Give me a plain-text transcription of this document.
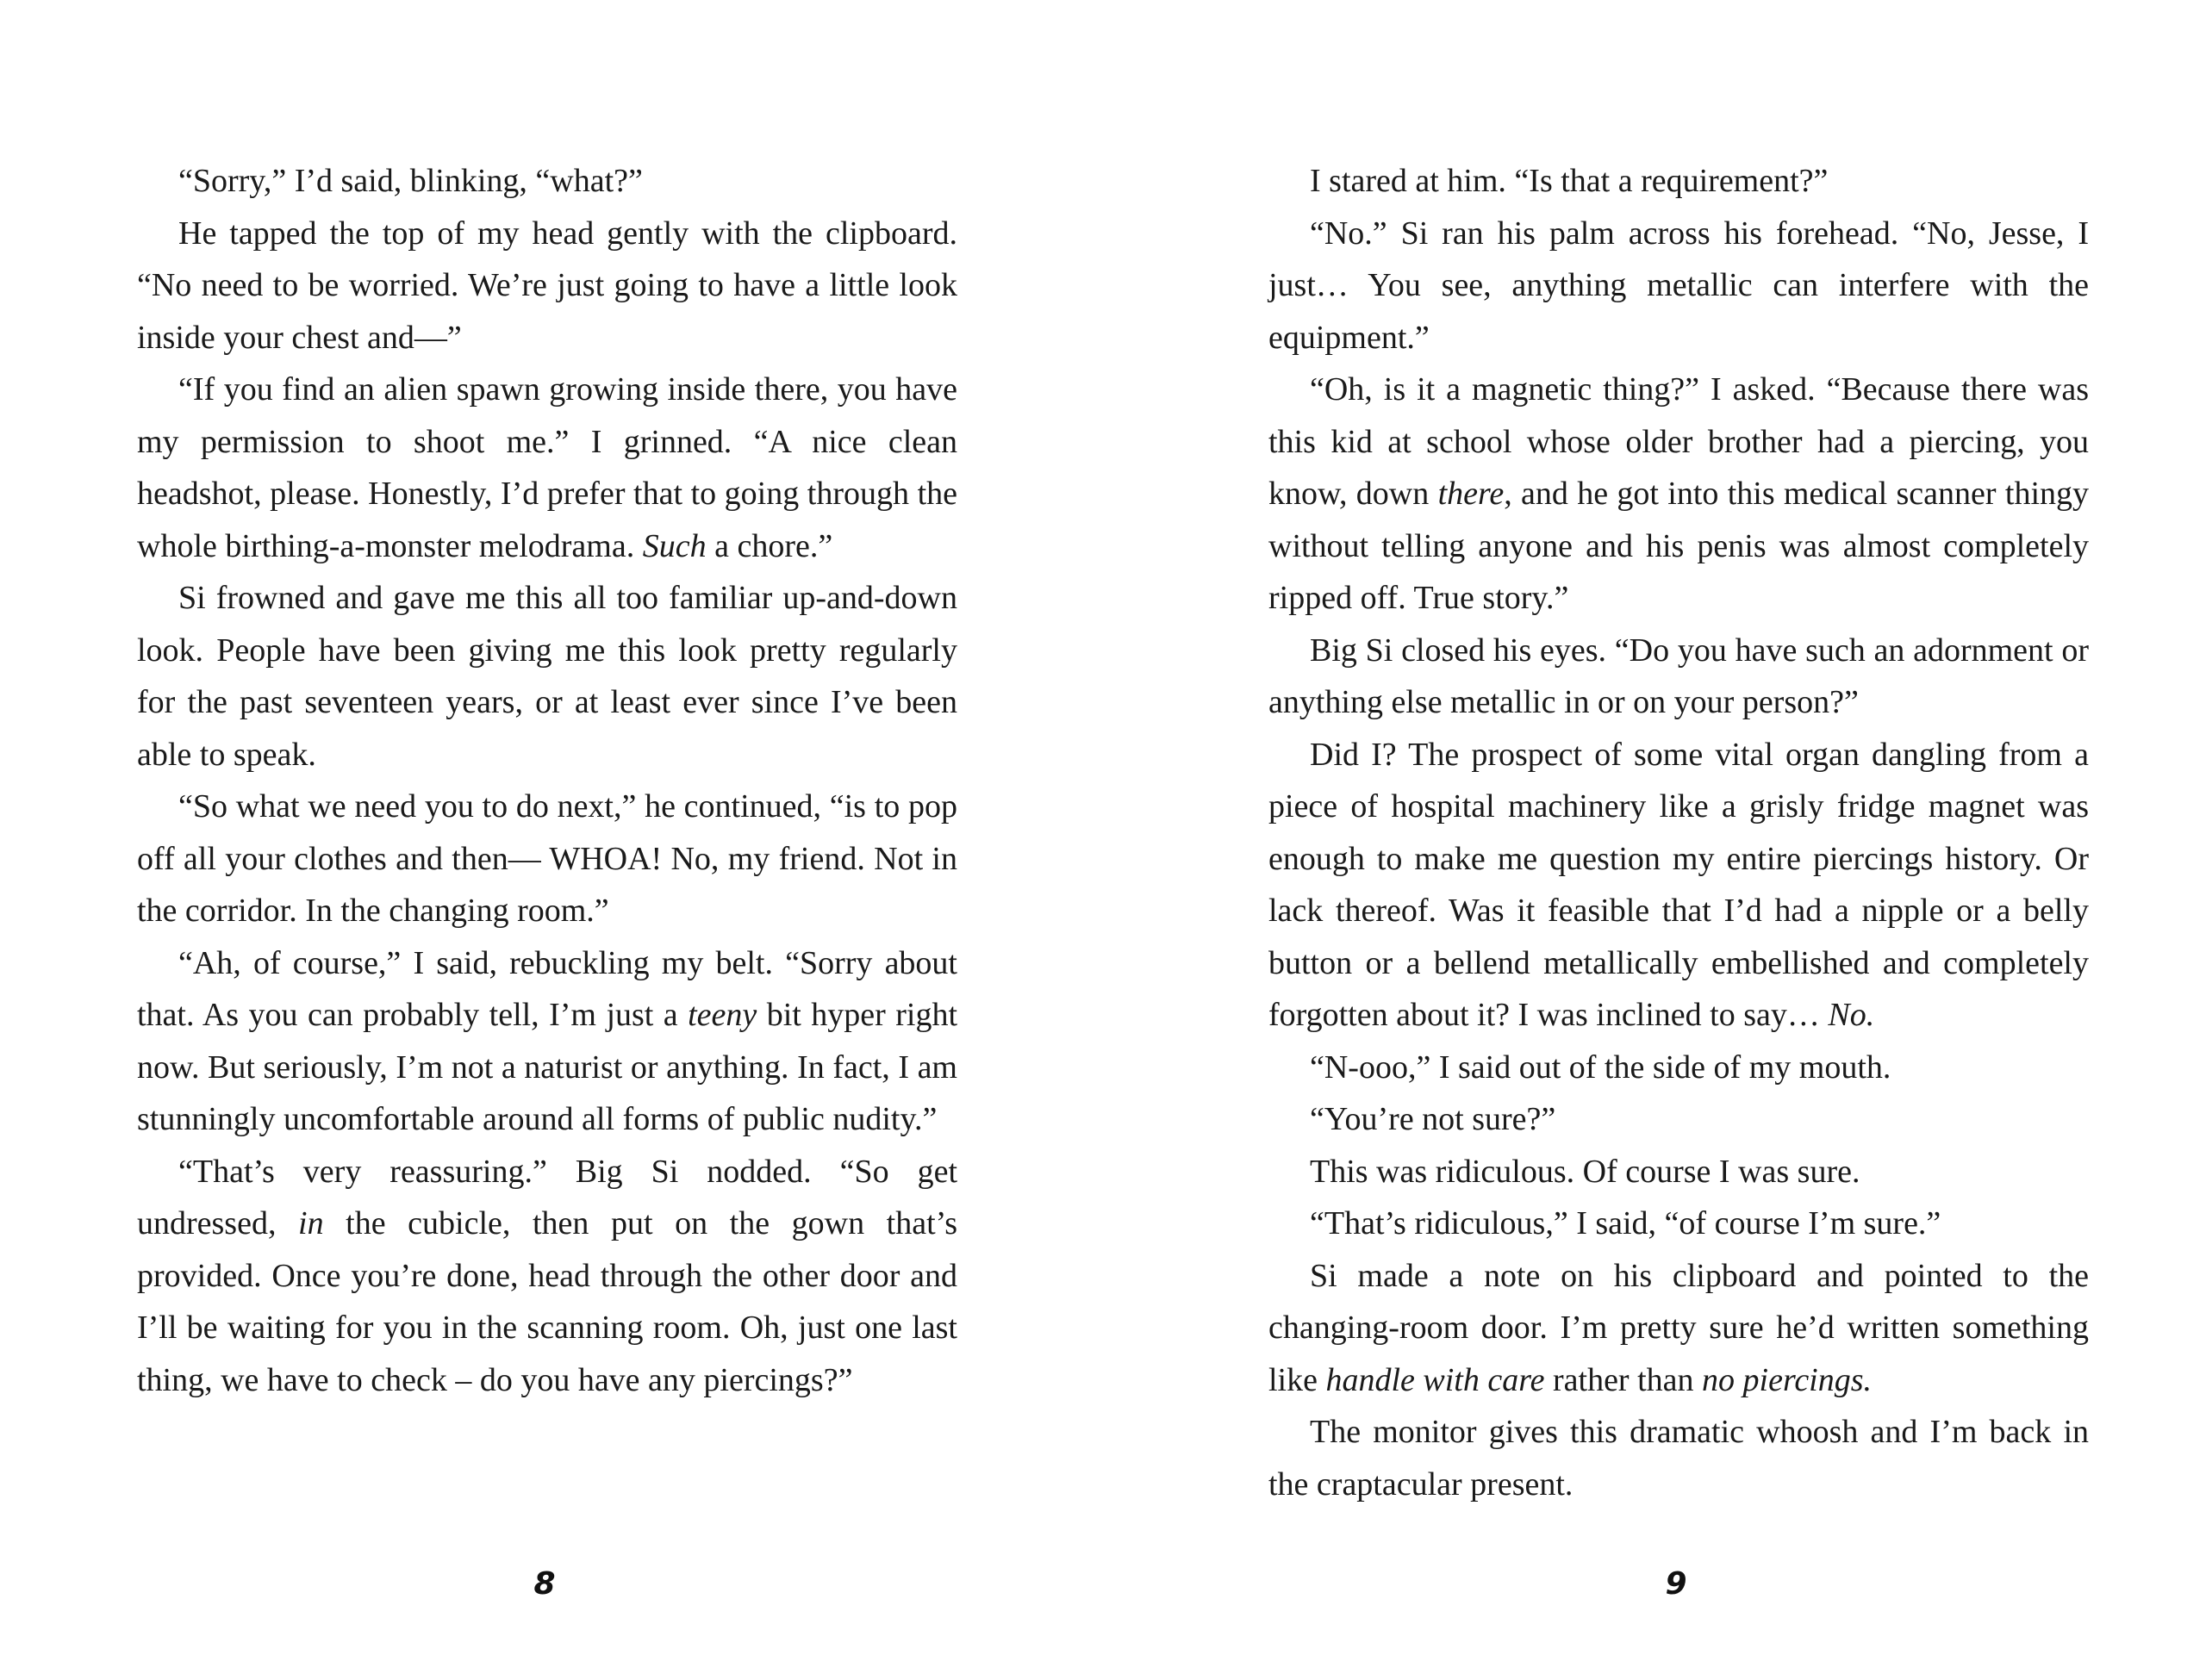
“Sorry,” I’d said, blinking, “what?”

He tapped the top of my head gently with the clipboard. “No need to be worried. We’re just going to have a little look inside your chest and—”

“If you find an alien spawn growing inside there, you have my permission to shoot me.” I grinned. “A nice clean headshot, please. Honestly, I’d prefer that to going through the whole birthing-a-monster melodrama. Such a chore.”

Si frowned and gave me this all too familiar up-and-down look. People have been giving me this look pretty regularly for the past seventeen years, or at least ever since I’ve been able to speak.

“So what we need you to do next,” he continued, “is to pop off all your clothes and then— WHOA! No, my friend. Not in the corridor. In the changing room.”

“Ah, of course,” I said, rebuckling my belt. “Sorry about that. As you can probably tell, I’m just a teeny bit hyper right now. But seriously, I’m not a naturist or anything. In fact, I am stunningly uncomfortable around all forms of public nudity.”

“That’s very reassuring.” Big Si nodded. “So get undressed, in the cubicle, then put on the gown that’s provided. Once you’re done, head through the other door and I’ll be waiting for you in the scanning room. Oh, just one last thing, we have to check – do you have any piercings?”

8

I stared at him. “Is that a requirement?”

“No.” Si ran his palm across his forehead. “No, Jesse, I just… You see, anything metallic can interfere with the equipment.”

“Oh, is it a magnetic thing?” I asked. “Because there was this kid at school whose older brother had a piercing, you know, down there, and he got into this medical scanner thingy without telling anyone and his penis was almost completely ripped off. True story.”

Big Si closed his eyes. “Do you have such an adornment or anything else metallic in or on your person?”

Did I? The prospect of some vital organ dangling from a piece of hospital machinery like a grisly fridge magnet was enough to make me question my entire piercings history. Or lack thereof. Was it feasible that I’d had a nipple or a belly button or a bellend metallically embellished and completely forgotten about it? I was inclined to say… No.

“N-ooo,” I said out of the side of my mouth.

“You’re not sure?”

This was ridiculous. Of course I was sure.

“That’s ridiculous,” I said, “of course I’m sure.”

Si made a note on his clipboard and pointed to the changing-room door. I’m pretty sure he’d written something like handle with care rather than no piercings.

The monitor gives this dramatic whoosh and I’m back in the craptacular present.

9
